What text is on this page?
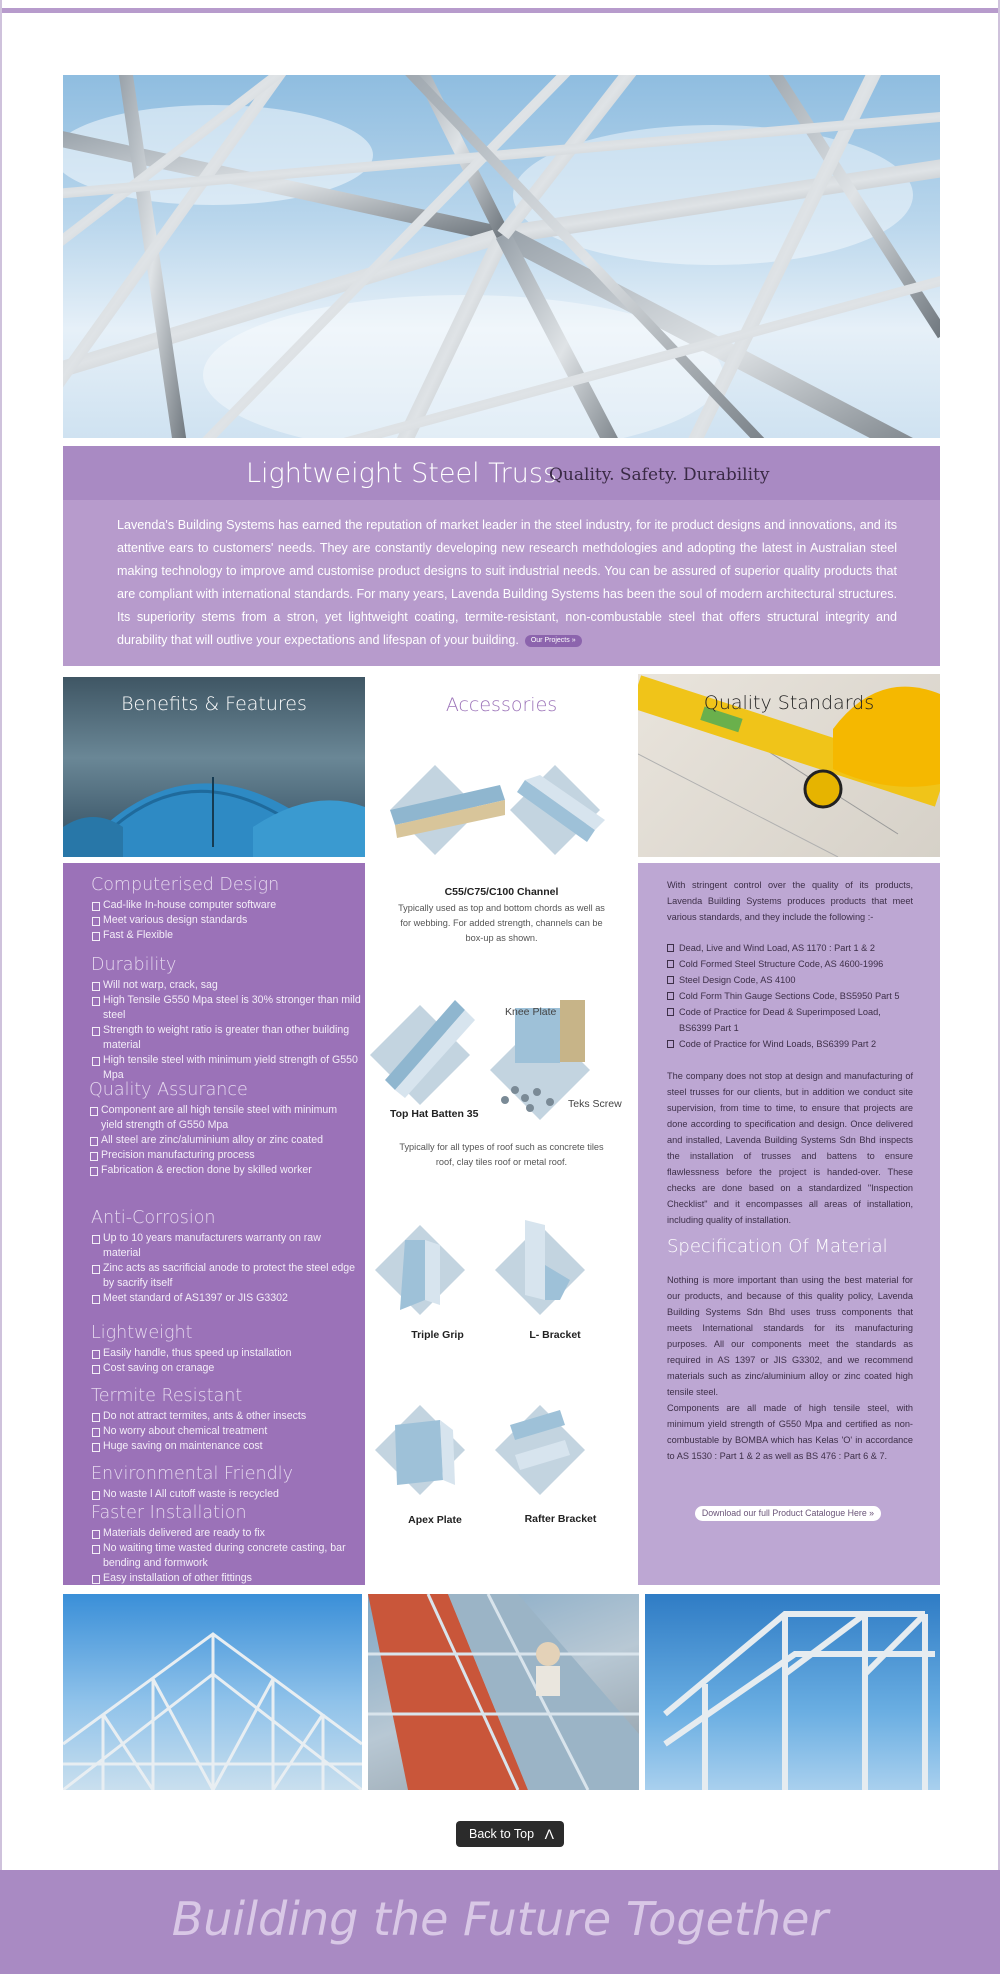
Lightweight Steel Truss
Quality. Safety. Durability
Lavenda's Building Systems has earned the reputation of market leader in the steel industry, for ite product designs and innovations, and its attentive ears to customers' needs. They are constantly developing new research methdologies and adopting the latest in Australian steel making technology to improve amd customise product designs to suit industrial needs. You can be assured of superior quality products that are compliant with international standards. For many years, Lavenda Building Systems has been the soul of modern architectural structures. Its superiority stems from a stron, yet lightweight coating, termite-resistant, non-combustable steel that offers structural integrity and durability that will outlive your expectations and lifespan of your building. Our Projects »
Benefits & Features	Quality Standards
Computerised Design
Cad-like In-house computer software
Meet various design standards
Fast & Flexible
Durability
Will not warp, crack, sag
High Tensile G550 Mpa steel is 30% stronger than mild steel
Strength to weight ratio is greater than other building material
High tensile steel with minimum yield strength of G550 Mpa
Quality Assurance
Component are all high tensile steel with minimum yield strength of G550 Mpa
All steel are zinc/aluminium alloy or zinc coated
Precision manufacturing process
Fabrication & erection done by skilled worker
Anti-Corrosion
Up to 10 years manufacturers warranty on raw material
Zinc acts as sacrificial anode to protect the steel edge by sacrify itself
Meet standard of AS1397 or JIS G3302
Lightweight
Easily handle, thus speed up installation
Cost saving on cranage
Termite Resistant
Do not attract termites, ants & other insects
No worry about chemical treatment
Huge saving on maintenance cost
Environmental Friendly
No waste l All cutoff waste is recycled
Faster Installation
Materials delivered are ready to fix
No waiting time wasted during concrete casting, bar bending and formwork
Easy installation of other fittings
Accessories
C55/C75/C100 Channel
Typically used as top and bottom chords as well as for webbing. For added strength, channels can be box-up as shown.
Knee Plate
Top Hat Batten 35
Teks Screw
Typically for all types of roof such as concrete tiles roof, clay tiles roof or metal roof.
Triple Grip	L- Bracket
Apex Plate	Rafter Bracket
With stringent control over the quality of its products, Lavenda Building Systems produces products that meet various standards, and they include the following :-
Dead, Live and Wind Load, AS 1170 : Part 1 & 2
Cold Formed Steel Structure Code, AS 4600-1996
Steel Design Code, AS 4100
Cold Form Thin Gauge Sections Code, BS5950 Part 5
Code of Practice for Dead & Superimposed Load, BS6399 Part 1
Code of Practice for Wind Loads, BS6399 Part 2
The company does not stop at design and manufacturing of steel trusses for our clients, but in addition we conduct site supervision, from time to time, to ensure that projects are done according to specification and design. Once delivered and installed, Lavenda Building Systems Sdn Bhd inspects the installation of trusses and battens to ensure flawlessness before the project is handed-over. These checks are done based on a standardized "Inspection Checklist" and it encompasses all areas of installation, including quality of installation.
Specification Of Material
Nothing is more important than using the best material for our products, and because of this quality policy, Lavenda Building Systems Sdn Bhd uses truss components that meets International standards for its manufacturing purposes. All our components meet the standards as required in AS 1397 or JIS G3302, and we recommend materials such as zinc/aluminium alloy or zinc coated high tensile steel.
Components are all made of high tensile steel, with minimum yield strength of G550 Mpa and certified as non-combustable by BOMBA which has Kelas 'O' in accordance to AS 1530 : Part 1 & 2 as well as BS 476 : Part 6 & 7.
Download our full Product Catalogue Here »
Back to Top Λ
Building the Future Together
